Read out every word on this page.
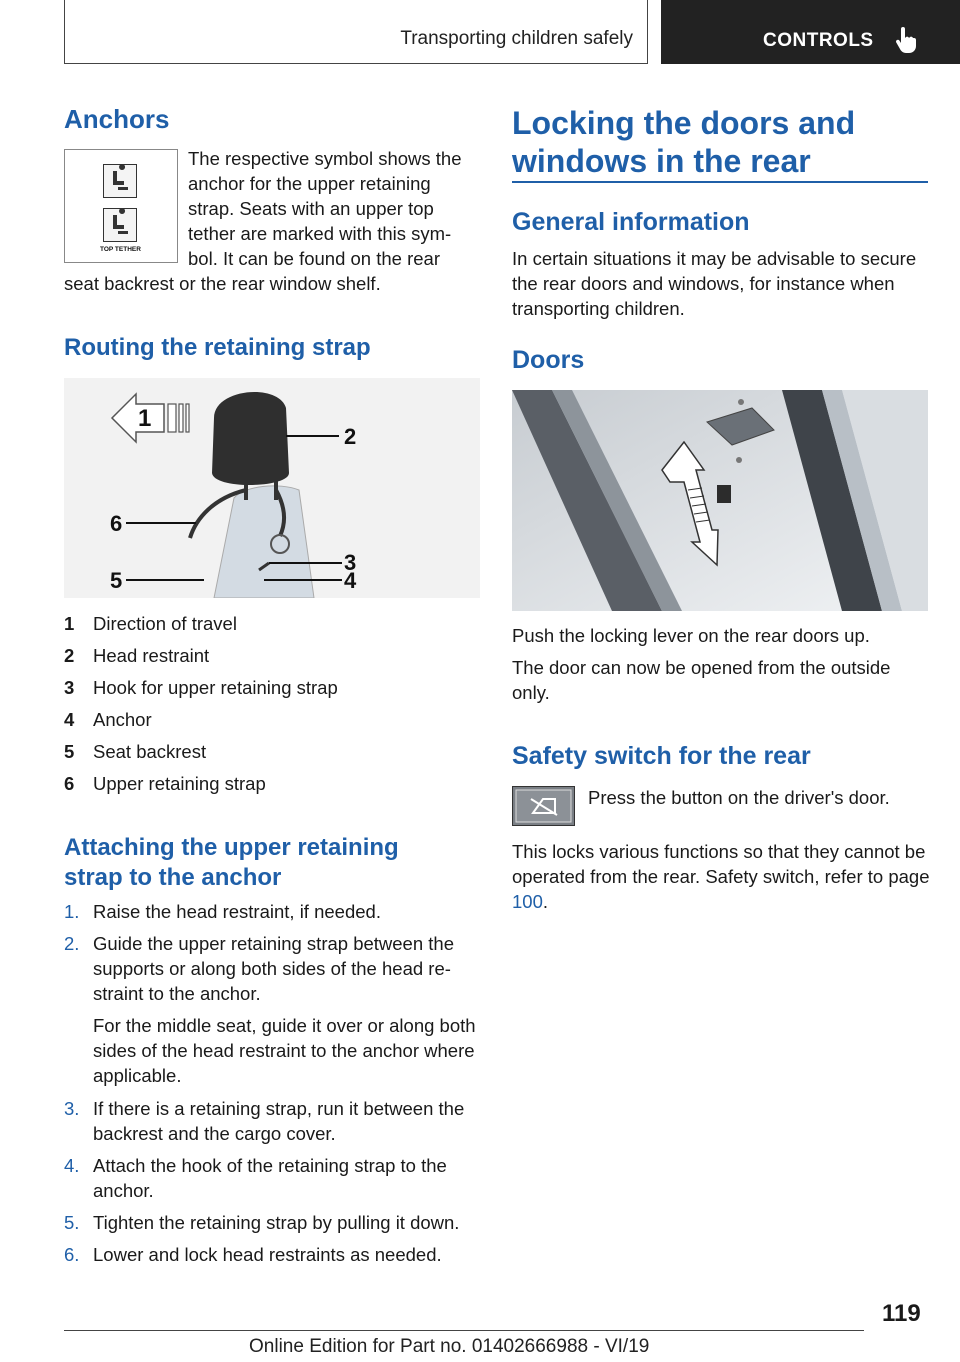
Transporting children safely	CONTROLS
Anchors
TOP TETHER
The respective symbol shows the anchor for the upper retaining strap. Seats with an upper top tether are marked with this sym-bol. It can be found on the rear seat backrest or the rear window shelf.
Routing the retaining strap
1
2
3
4
5
6
1 Direction of travel
2 Head restraint
3 Hook for upper retaining strap
4 Anchor
5 Seat backrest
6 Upper retaining strap
Attaching the upper retaining
strap to the anchor
1. Raise the head restraint, if needed.
2. Guide the upper retaining strap between the supports or along both sides of the head re-straint to the anchor.
For the middle seat, guide it over or along both sides of the head restraint to the anchor where applicable.
3. If there is a retaining strap, run it between the backrest and the cargo cover.
4. Attach the hook of the retaining strap to the anchor.
5. Tighten the retaining strap by pulling it down.
6. Lower and lock head restraints as needed.
Locking the doors and
windows in the rear
General information
In certain situations it may be advisable to secure the rear doors and windows, for instance when transporting children.
Doors
Push the locking lever on the rear doors up.
The door can now be opened from the outside only.
Safety switch for the rear
Press the button on the driver's door.
This locks various functions so that they cannot be operated from the rear. Safety switch, refer to page 100.
119
Online Edition for Part no. 01402666988 - VI/19
